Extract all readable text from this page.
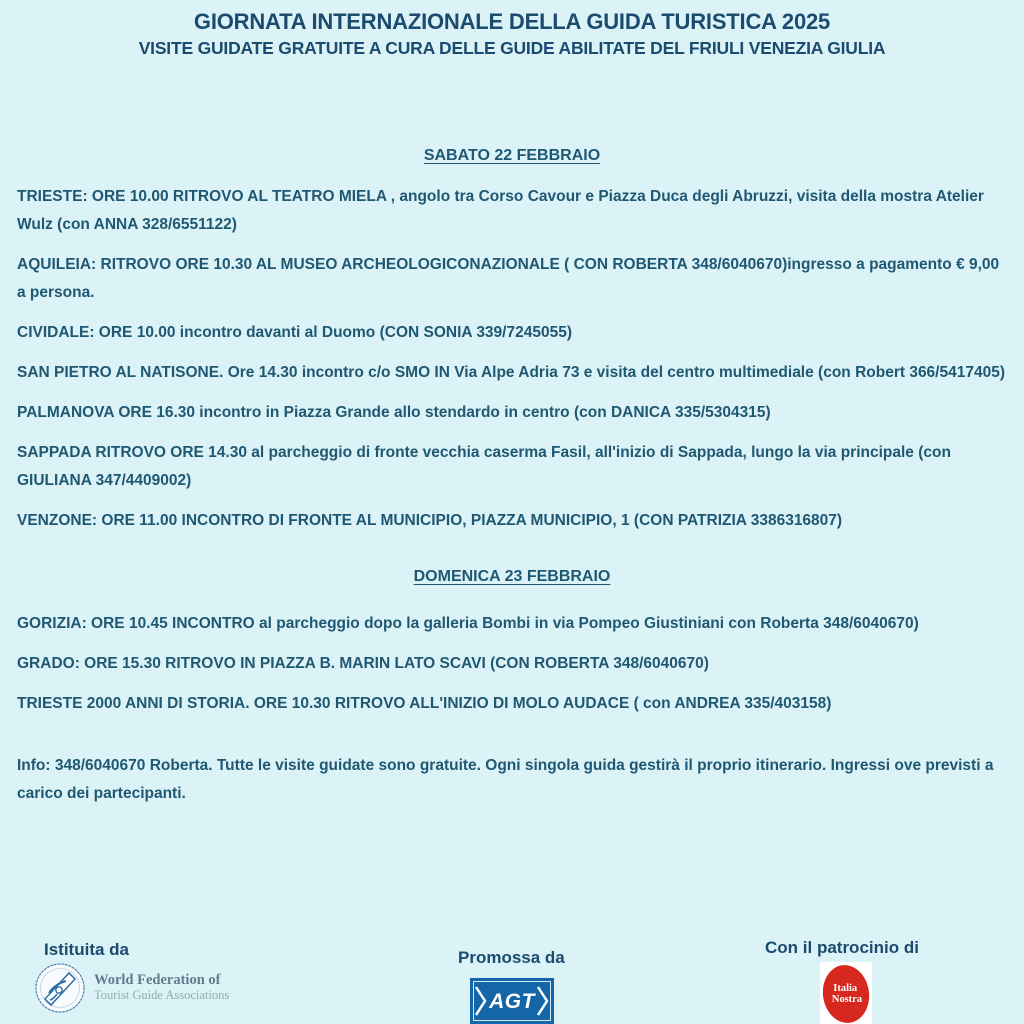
GIORNATA INTERNAZIONALE DELLA GUIDA TURISTICA 2025
VISITE GUIDATE GRATUITE A CURA DELLE GUIDE ABILITATE DEL FRIULI VENEZIA GIULIA
SABATO 22 FEBBRAIO

TRIESTE: ORE 10.00 RITROVO AL TEATRO MIELA , angolo tra Corso Cavour e Piazza Duca degli Abruzzi, visita della mostra Atelier Wulz (con ANNA 328/6551122)

AQUILEIA: RITROVO ORE 10.30 AL MUSEO ARCHEOLOGICONAZIONALE ( CON ROBERTA 348/6040670)ingresso a pagamento € 9,00 a persona.

CIVIDALE: ORE 10.00 incontro davanti al Duomo (CON SONIA 339/7245055)

SAN PIETRO AL NATISONE. Ore 14.30 incontro c/o SMO IN Via Alpe Adria 73 e visita del centro multimediale (con Robert 366/5417405)

PALMANOVA ORE 16.30 incontro in Piazza Grande allo stendardo in centro (con DANICA 335/5304315)

SAPPADA RITROVO ORE 14.30 al parcheggio di fronte vecchia caserma Fasil, all'inizio di Sappada, lungo la via principale (con GIULIANA 347/4409002)

VENZONE: ORE 11.00 INCONTRO DI FRONTE AL MUNICIPIO, PIAZZA MUNICIPIO, 1 (CON PATRIZIA 3386316807)

DOMENICA 23 FEBBRAIO

GORIZIA: ORE 10.45 INCONTRO al parcheggio dopo la galleria Bombi in via Pompeo Giustiniani con Roberta 348/6040670)

GRADO: ORE 15.30 RITROVO IN PIAZZA B. MARIN LATO SCAVI (CON ROBERTA 348/6040670)

TRIESTE 2000 ANNI DI STORIA. ORE 10.30 RITROVO ALL'INIZIO DI MOLO AUDACE ( con ANDREA 335/403158)

Info: 348/6040670 Roberta. Tutte le visite guidate sono gratuite. Ogni singola guida gestirà il proprio itinerario. Ingressi ove previsti a carico dei partecipanti.

Istituita da
World Federation of
Tourist Guide Associations
Promossa da
AGT
Con il patrocinio di
Italia
Nostra
